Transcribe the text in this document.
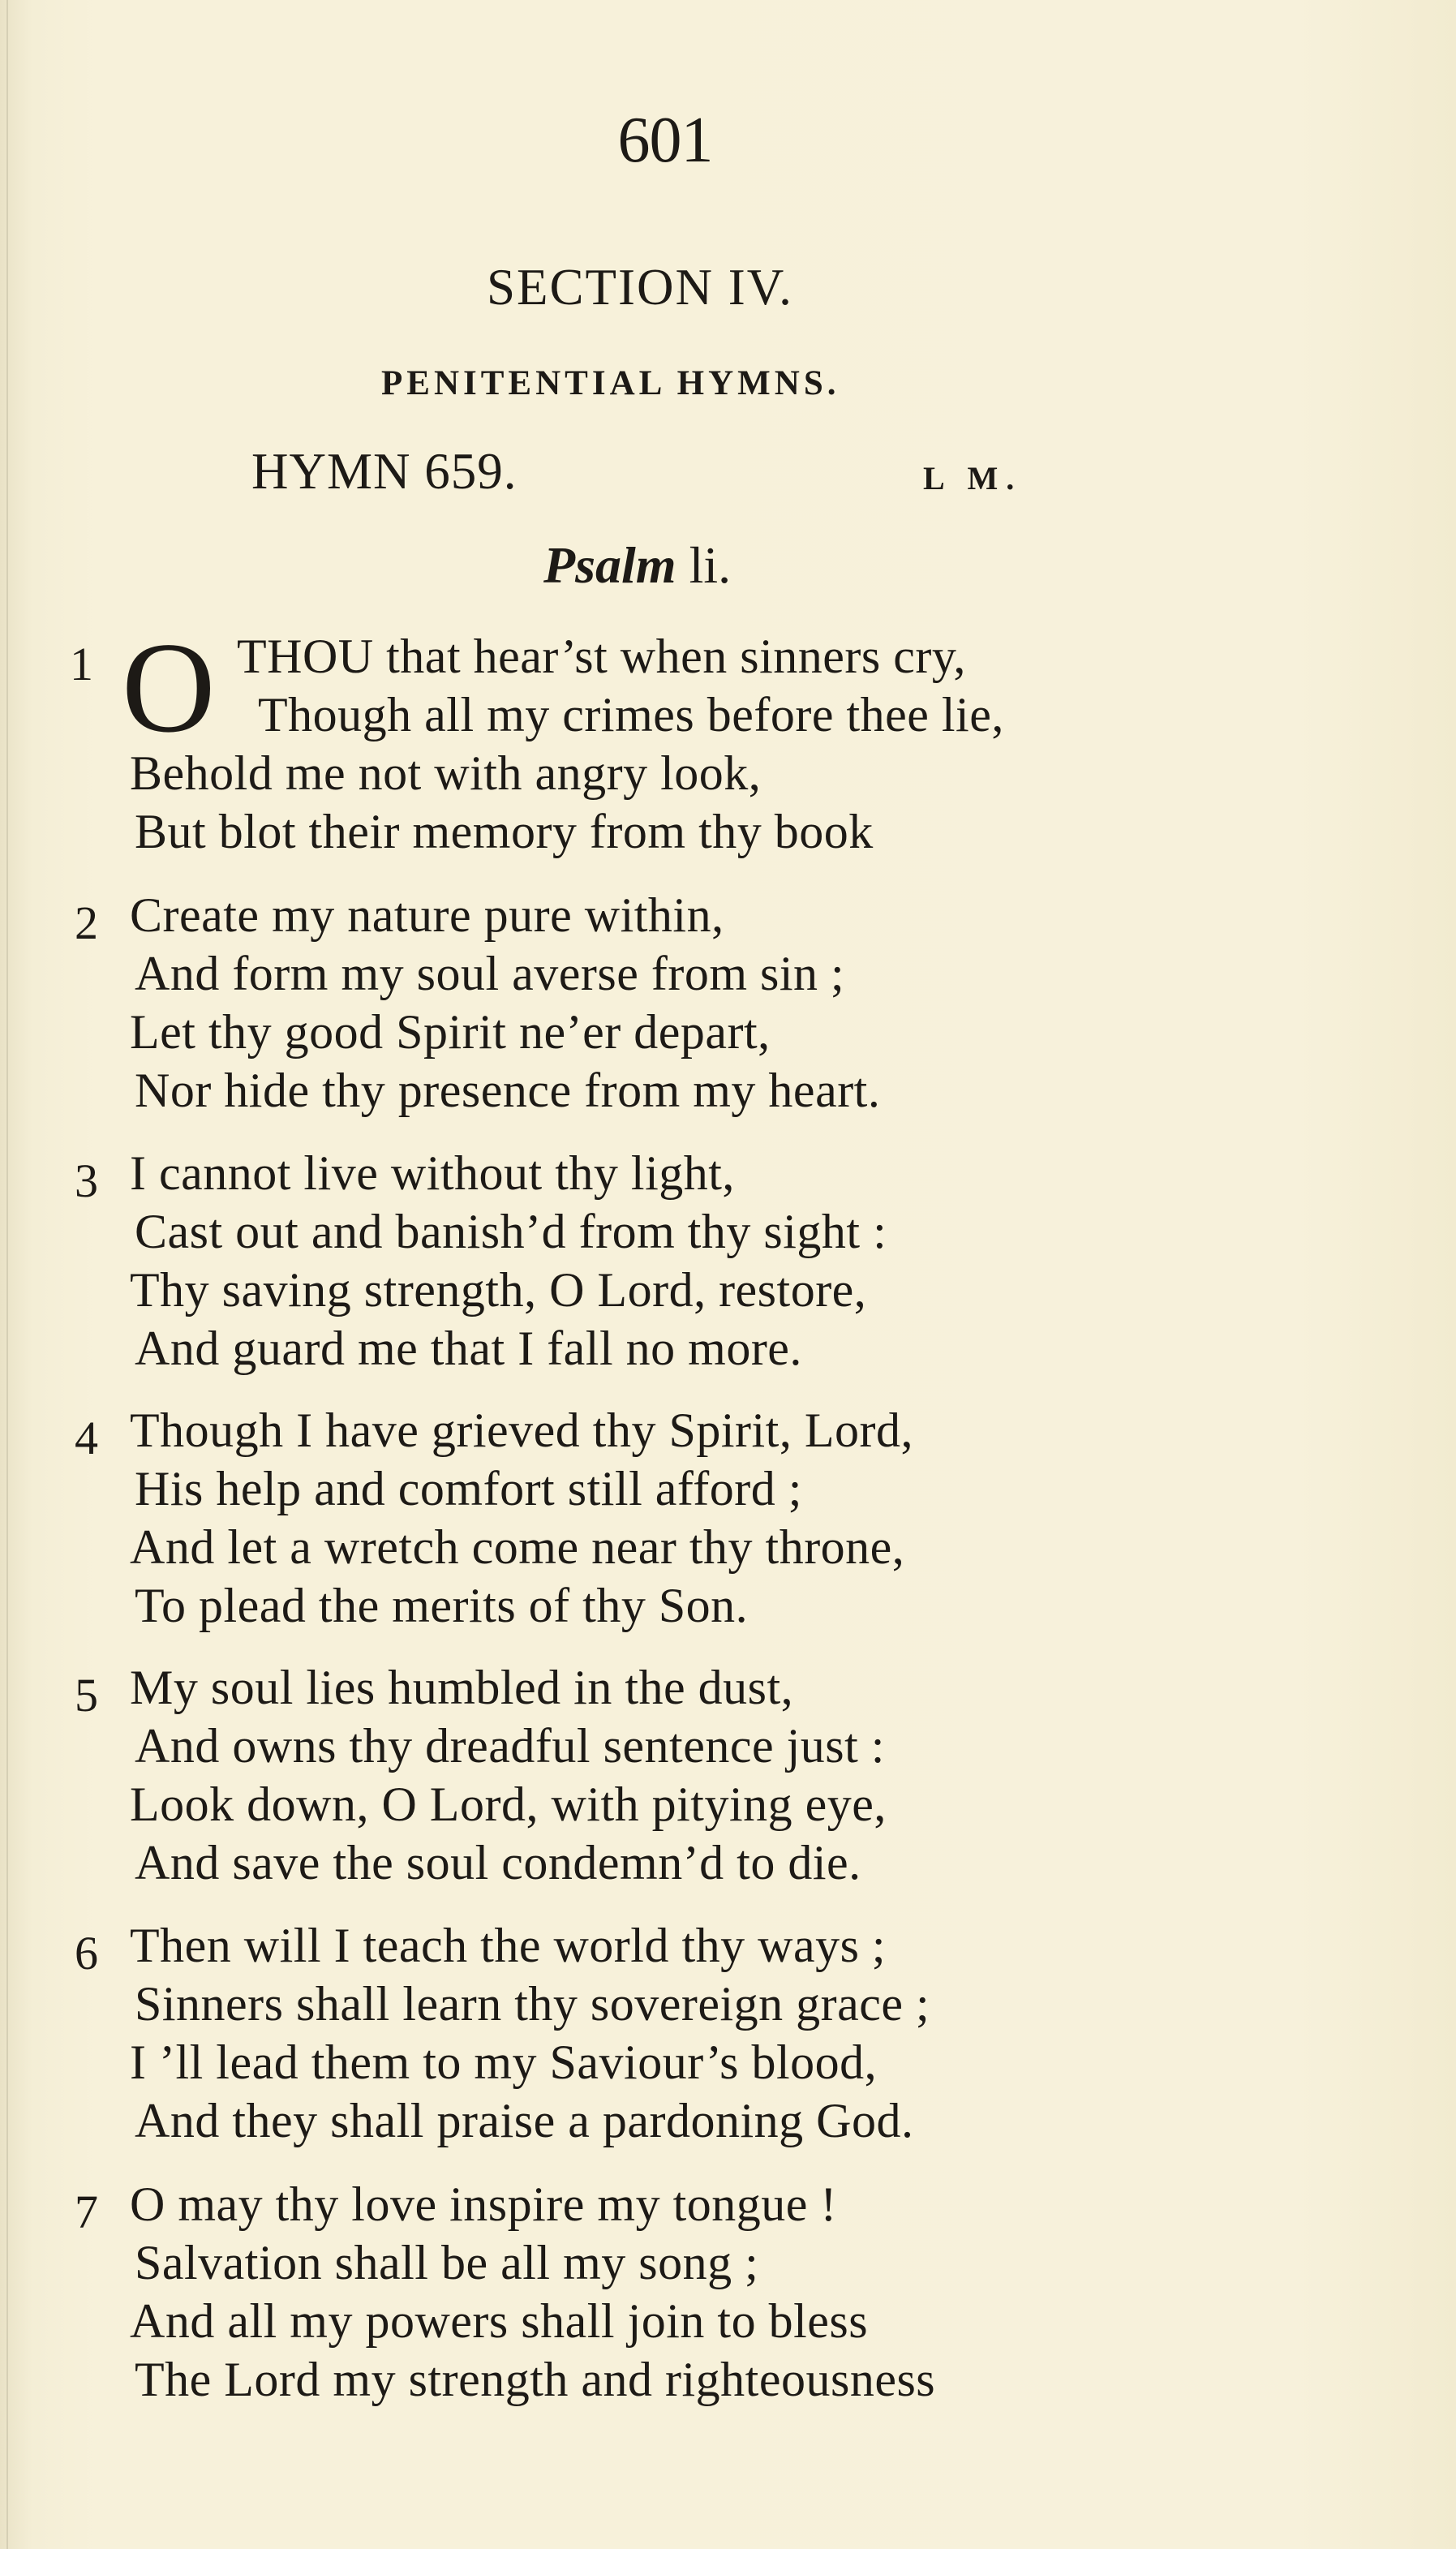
601
SECTION IV.
PENITENTIAL HYMNS.
HYMN 659.	L M.
Psalm li.
O
1	THOU that hear’st when sinners cry,
Though all my crimes before thee lie,
Behold me not with angry look,
But blot their memory from thy book
2 Create my nature pure within,
And form my soul averse from sin ;
Let thy good Spirit ne’er depart,
Nor hide thy presence from my heart.
3 I cannot live without thy light,
Cast out and banish’d from thy sight :
Thy saving strength, O Lord, restore,
And guard me that I fall no more.
4 Though I have grieved thy Spirit, Lord,
His help and comfort still afford ;
And let a wretch come near thy throne,
To plead the merits of thy Son.
5 My soul lies humbled in the dust,
And owns thy dreadful sentence just :
Look down, O Lord, with pitying eye,
And save the soul condemn’d to die.
6 Then will I teach the world thy ways ;
Sinners shall learn thy sovereign grace ;
I ’ll lead them to my Saviour’s blood,
And they shall praise a pardoning God.
7 O may thy love inspire my tongue !
Salvation shall be all my song ;
And all my powers shall join to bless
The Lord my strength and righteousness
